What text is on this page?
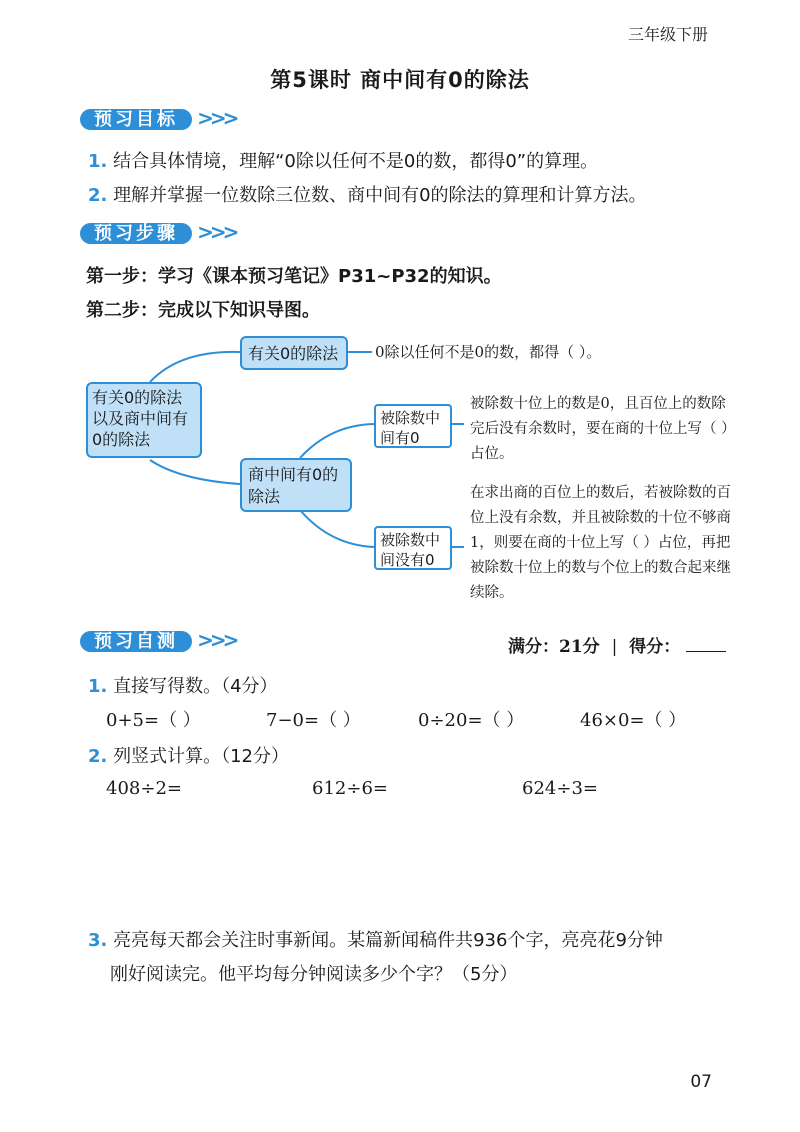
三年级下册
第5课时 商中间有0的除法
预习目标 >>>
1. 结合具体情境，理解“0除以任何不是0的数，都得0”的算理。
2. 理解并掌握一位数除三位数、商中间有0的除法的算理和计算方法。
预习步骤 >>>
第一步：学习《课本预习笔记》P31~P32的知识。
第二步：完成以下知识导图。
有关0的除法以及商中间有0的除法
有关0的除法	0除以任何不是0的数，都得（ ）。
商中间有0的除法
被除数中间有0
被除数十位上的数是0，且百位上的数除完后没有余数时，要在商的十位上写（ ）占位。
被除数中间没有0
在求出商的百位上的数后，若被除数的百位上没有余数，并且被除数的十位不够商1，则要在商的十位上写（ ）占位，再把被除数十位上的数与个位上的数合起来继续除。
预习自测 >>>	满分：21分 | 得分：
1. 直接写得数。（4分）
0+5=（ ）	7−0=（ ）	0÷20=（ ）	46×0=（ ）
2. 列竖式计算。（12分）
408÷2=	612÷6=	624÷3=
3. 亮亮每天都会关注时事新闻。某篇新闻稿件共936个字，亮亮花9分钟
刚好阅读完。他平均每分钟阅读多少个字？（5分）
07
